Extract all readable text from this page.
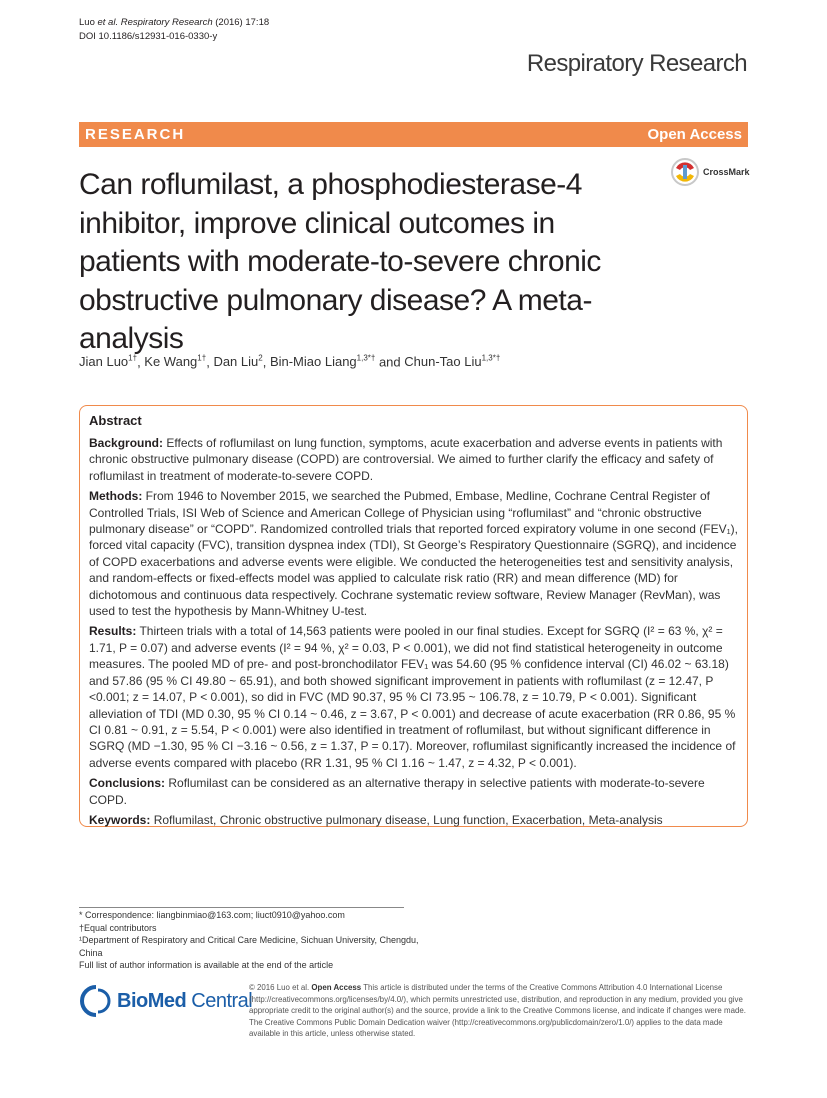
Luo et al. Respiratory Research (2016) 17:18
DOI 10.1186/s12931-016-0330-y
Respiratory Research
RESEARCH	Open Access
CrossMark
Can roflumilast, a phosphodiesterase-4 inhibitor, improve clinical outcomes in patients with moderate-to-severe chronic obstructive pulmonary disease? A meta-analysis
Jian Luo$^{1\dagger}$, Ke Wang$^{1\dagger}$, Dan Liu$^2$, Bin-Miao Liang$^{1,3*\dagger}$ and Chun-Tao Liu$^{1,3*\dagger}$
Abstract

Background: Effects of roflumilast on lung function, symptoms, acute exacerbation and adverse events in patients with chronic obstructive pulmonary disease (COPD) are controversial. We aimed to further clarify the efficacy and safety of roflumilast in treatment of moderate-to-severe COPD.

Methods: From 1946 to November 2015, we searched the Pubmed, Embase, Medline, Cochrane Central Register of Controlled Trials, ISI Web of Science and American College of Physician using “roflumilast” and “chronic obstructive pulmonary disease” or “COPD”. Randomized controlled trials that reported forced expiratory volume in one second (FEV₁), forced vital capacity (FVC), transition dyspnea index (TDI), St George’s Respiratory Questionnaire (SGRQ), and incidence of COPD exacerbations and adverse events were eligible. We conducted the heterogeneities test and sensitivity analysis, and random-effects or fixed-effects model was applied to calculate risk ratio (RR) and mean difference (MD) for dichotomous and continuous data respectively. Cochrane systematic review software, Review Manager (RevMan), was used to test the hypothesis by Mann-Whitney U-test.

Results: Thirteen trials with a total of 14,563 patients were pooled in our final studies. Except for SGRQ (I² = 63 %, χ² = 1.71, P = 0.07) and adverse events (I² = 94 %, χ² = 0.03, P < 0.001), we did not find statistical heterogeneity in outcome measures. The pooled MD of pre- and post-bronchodilator FEV₁ was 54.60 (95 % confidence interval (CI) 46.02 ~ 63.18) and 57.86 (95 % CI 49.80 ~ 65.91), and both showed significant improvement in patients with roflumilast (z = 12.47, P <0.001; z = 14.07, P < 0.001), so did in FVC (MD 90.37, 95 % CI 73.95 ~ 106.78, z = 10.79, P < 0.001). Significant alleviation of TDI (MD 0.30, 95 % CI 0.14 ~ 0.46, z = 3.67, P < 0.001) and decrease of acute exacerbation (RR 0.86, 95 % CI 0.81 ~ 0.91, z = 5.54, P < 0.001) were also identified in treatment of roflumilast, but without significant difference in SGRQ (MD −1.30, 95 % CI −3.16 ~ 0.56, z = 1.37, P = 0.17). Moreover, roflumilast significantly increased the incidence of adverse events compared with placebo (RR 1.31, 95 % CI 1.16 ~ 1.47, z = 4.32, P < 0.001).

Conclusions: Roflumilast can be considered as an alternative therapy in selective patients with moderate-to-severe COPD.

Keywords: Roflumilast, Chronic obstructive pulmonary disease, Lung function, Exacerbation, Meta-analysis

* Correspondence: liangbinmiao@163.com; liuct0910@yahoo.com
†Equal contributors
¹Department of Respiratory and Critical Care Medicine, Sichuan University, Chengdu, China
Full list of author information is available at the end of the article
BioMed Central
© 2016 Luo et al. Open Access This article is distributed under the terms of the Creative Commons Attribution 4.0 International License (http://creativecommons.org/licenses/by/4.0/), which permits unrestricted use, distribution, and reproduction in any medium, provided you give appropriate credit to the original author(s) and the source, provide a link to the Creative Commons license, and indicate if changes were made. The Creative Commons Public Domain Dedication waiver (http://creativecommons.org/publicdomain/zero/1.0/) applies to the data made available in this article, unless otherwise stated.
